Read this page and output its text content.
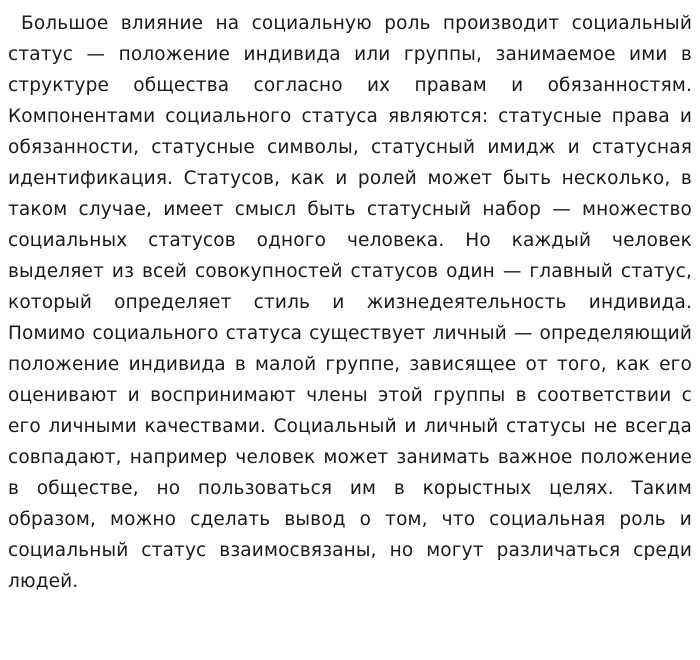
Большое влияние на социальную роль производит социальный статус — положение индивида или группы, занимаемое ими в структуре общества согласно их правам и обязанностям. Компонентами социального статуса являются: статусные права и обязанности, статусные символы, статусный имидж и статусная идентификация. Статусов, как и ролей может быть несколько, в таком случае, имеет смысл быть статусный набор — множество социальных статусов одного человека. Но каждый человек выделяет из всей совокупностей статусов один — главный статус, который определяет стиль и жизнедеятельность индивида. Помимо социального статуса существует личный — определяющий положение индивида в малой группе, зависящее от того, как его оценивают и воспринимают члены этой группы в соответствии с его личными качествами. Социальный и личный статусы не всегда совпадают, например человек может занимать важное положение в обществе, но пользоваться им в корыстных целях. Таким образом, можно сделать вывод о том, что социальная роль и социальный статус взаимосвязаны, но могут различаться среди людей.
